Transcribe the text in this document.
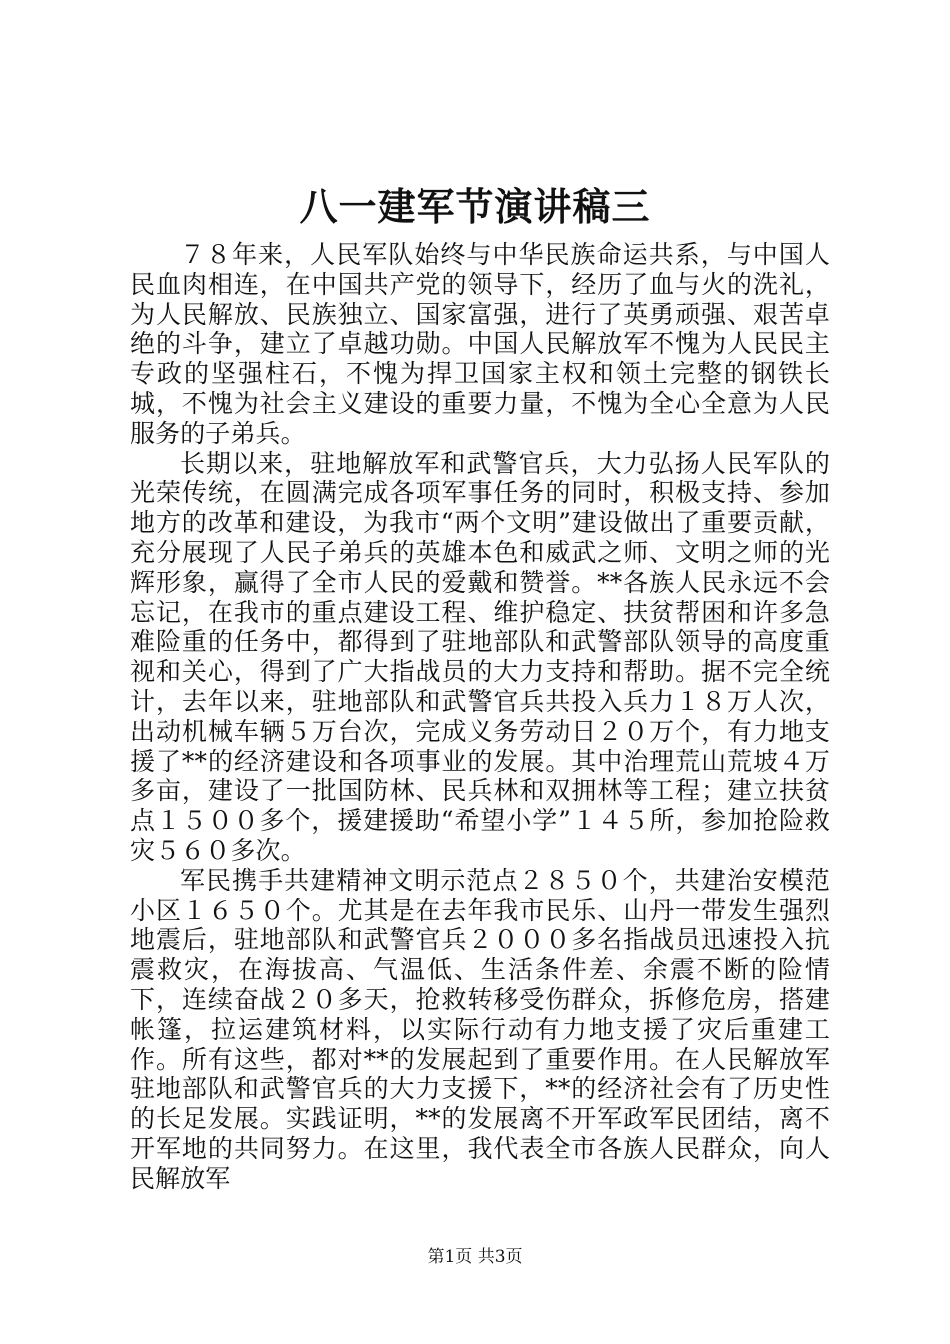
八一建军节演讲稿三

７８年来，人民军队始终与中华民族命运共系，与中国人民血肉相连，在中国共产党的领导下，经历了血与火的洗礼，为人民解放、民族独立、国家富强，进行了英勇顽强、艰苦卓绝的斗争，建立了卓越功勋。中国人民解放军不愧为人民民主专政的坚强柱石，不愧为捍卫国家主权和领土完整的钢铁长城，不愧为社会主义建设的重要力量，不愧为全心全意为人民服务的子弟兵。

长期以来，驻地解放军和武警官兵，大力弘扬人民军队的光荣传统，在圆满完成各项军事任务的同时，积极支持、参加地方的改革和建设，为我市“两个文明”建设做出了重要贡献，充分展现了人民子弟兵的英雄本色和威武之师、文明之师的光辉形象，赢得了全市人民的爱戴和赞誉。**各族人民永远不会忘记，在我市的重点建设工程、维护稳定、扶贫帮困和许多急难险重的任务中，都得到了驻地部队和武警部队领导的高度重视和关心，得到了广大指战员的大力支持和帮助。据不完全统计，去年以来，驻地部队和武警官兵共投入兵力１８万人次，出动机械车辆５万台次，完成义务劳动日２０万个，有力地支援了**的经济建设和各项事业的发展。其中治理荒山荒坡４万多亩，建设了一批国防林、民兵林和双拥林等工程；建立扶贫点１５００多个，援建援助“希望小学”１４５所，参加抢险救灾５６０多次。

军民携手共建精神文明示范点２８５０个，共建治安模范小区１６５０个。尤其是在去年我市民乐、山丹一带发生强烈地震后，驻地部队和武警官兵２０００多名指战员迅速投入抗震救灾，在海拔高、气温低、生活条件差、余震不断的险情下，连续奋战２０多天，抢救转移受伤群众，拆修危房，搭建帐篷，拉运建筑材料，以实际行动有力地支援了灾后重建工作。所有这些，都对**的发展起到了重要作用。在人民解放军驻地部队和武警官兵的大力支援下，**的经济社会有了历史性的长足发展。实践证明，**的发展离不开军政军民团结，离不开军地的共同努力。在这里，我代表全市各族人民群众，向人民解放军

第1页 共3页
